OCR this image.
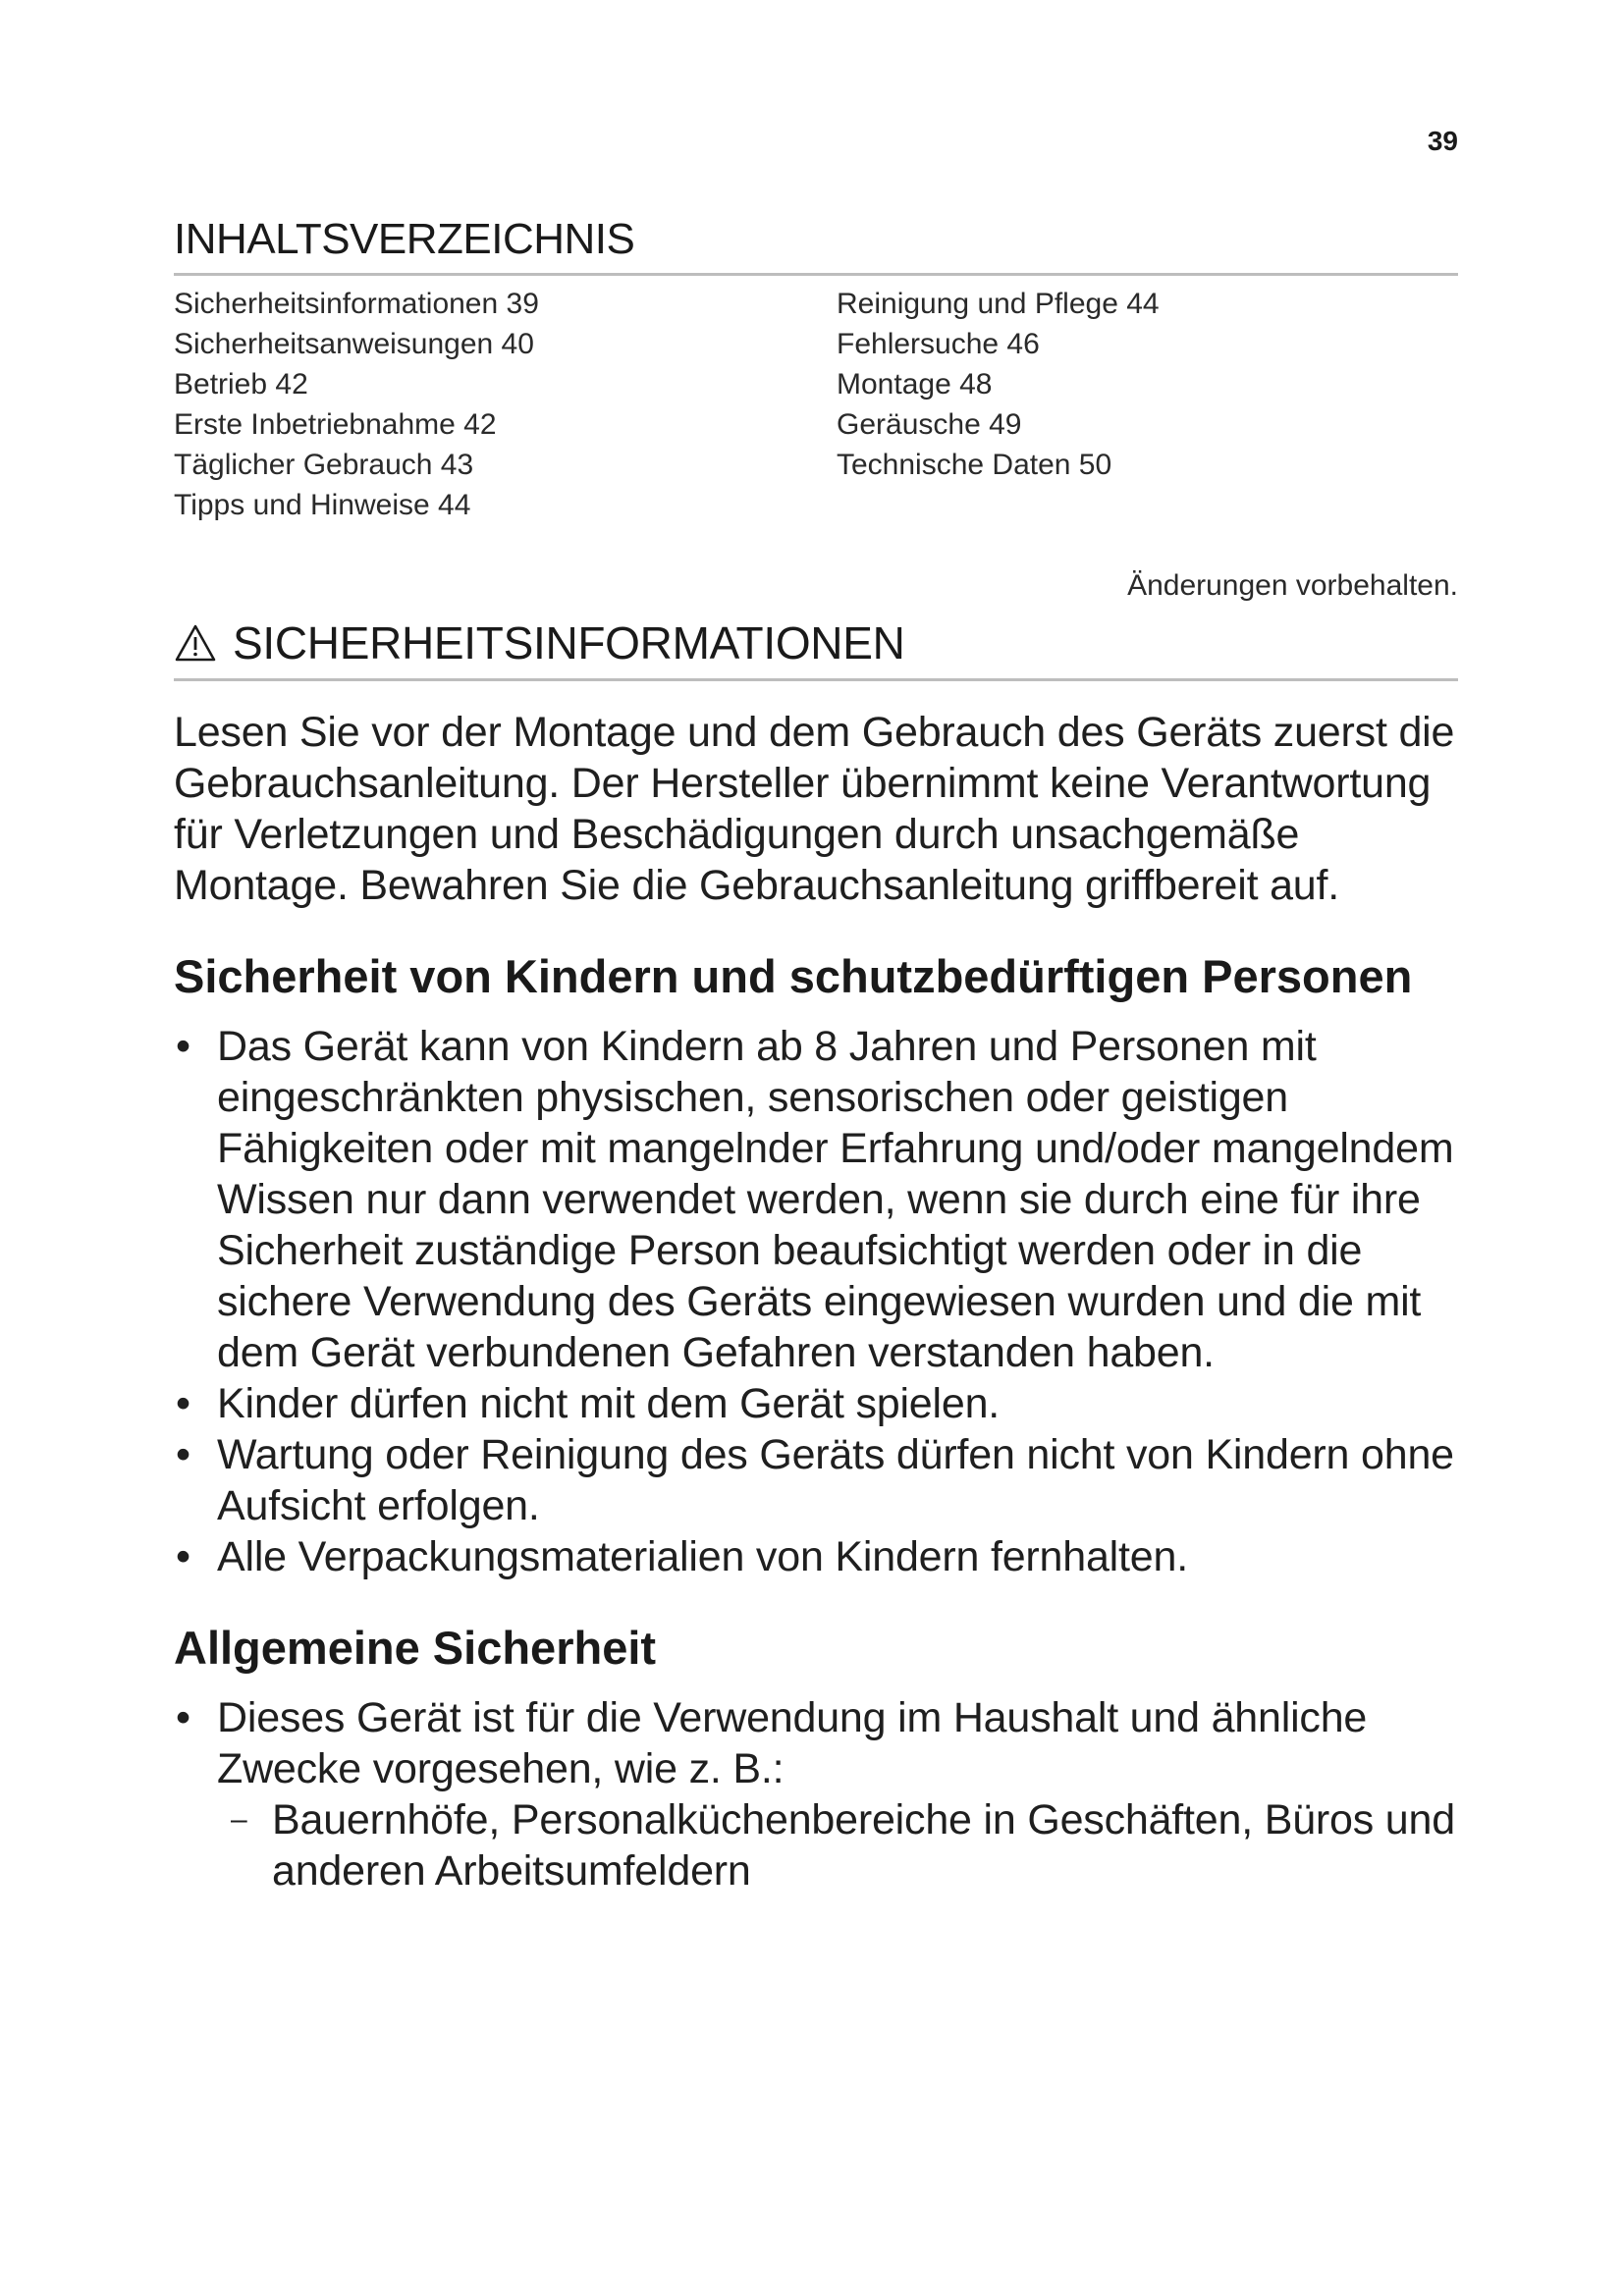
39
INHALTSVERZEICHNIS
Sicherheitsinformationen 39
Sicherheitsanweisungen 40
Betrieb 42
Erste Inbetriebnahme 42
Täglicher Gebrauch 43
Tipps und Hinweise 44
Reinigung und Pflege 44
Fehlersuche 46
Montage 48
Geräusche 49
Technische Daten 50
Änderungen vorbehalten.
SICHERHEITSINFORMATIONEN

Lesen Sie vor der Montage und dem Gebrauch des Geräts zuerst die Gebrauchsanleitung. Der Hersteller übernimmt keine Verantwortung für Verletzungen und Beschädigungen durch unsachgemäße Montage. Bewahren Sie die Gebrauchsanleitung griffbereit auf.

Sicherheit von Kindern und schutzbedürftigen Personen
• Das Gerät kann von Kindern ab 8 Jahren und Personen mit eingeschränkten physischen, sensorischen oder geistigen Fähigkeiten oder mit mangelnder Erfahrung und/oder mangelndem Wissen nur dann verwendet werden, wenn sie durch eine für ihre Sicherheit zuständige Person beaufsichtigt werden oder in die sichere Verwendung des Geräts eingewiesen wurden und die mit dem Gerät verbundenen Gefahren verstanden haben.
• Kinder dürfen nicht mit dem Gerät spielen.
• Wartung oder Reinigung des Geräts dürfen nicht von Kindern ohne Aufsicht erfolgen.
• Alle Verpackungsmaterialien von Kindern fernhalten.
Allgemeine Sicherheit
• Dieses Gerät ist für die Verwendung im Haushalt und ähnliche Zwecke vorgesehen, wie z. B.:
– Bauernhöfe, Personalküchenbereiche in Geschäften, Büros und anderen Arbeitsumfeldern
